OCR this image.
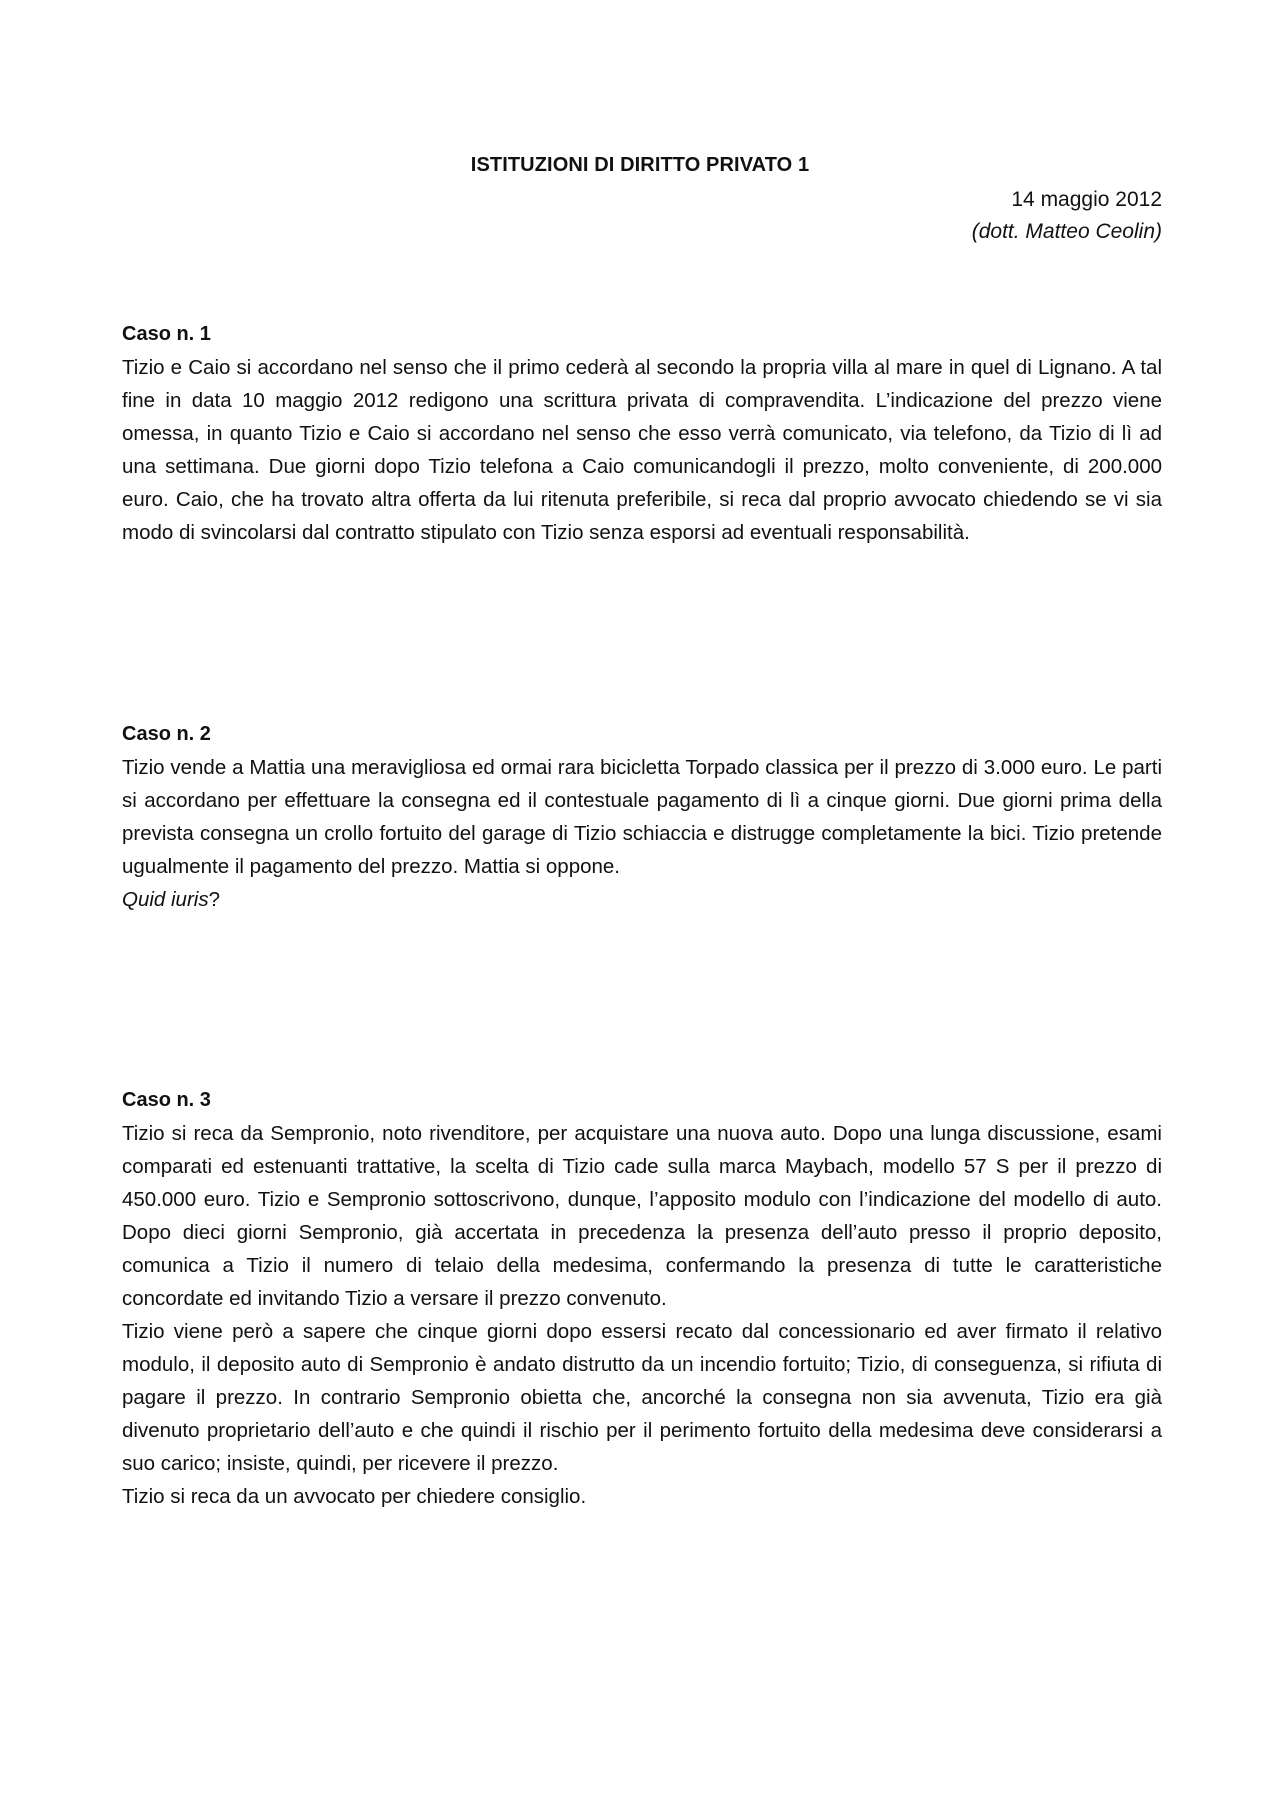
ISTITUZIONI DI DIRITTO PRIVATO 1
14 maggio 2012
(dott. Matteo Ceolin)

Caso n. 1

Tizio e Caio si accordano nel senso che il primo cederà al secondo la propria villa al mare in quel di Lignano. A tal fine in data 10 maggio 2012 redigono una scrittura privata di compravendita. L’indicazione del prezzo viene omessa, in quanto Tizio e Caio si accordano nel senso che esso verrà comunicato, via telefono, da Tizio di lì ad una settimana. Due giorni dopo Tizio telefona a Caio comunicandogli il prezzo, molto conveniente, di 200.000 euro. Caio, che ha trovato altra offerta da lui ritenuta preferibile, si reca dal proprio avvocato chiedendo se vi sia modo di svincolarsi dal contratto stipulato con Tizio senza esporsi ad eventuali responsabilità.

Caso n. 2

Tizio vende a Mattia una meravigliosa ed ormai rara bicicletta Torpado classica per il prezzo di 3.000 euro. Le parti si accordano per effettuare la consegna ed il contestuale pagamento di lì a cinque giorni. Due giorni prima della prevista consegna un crollo fortuito del garage di Tizio schiaccia e distrugge completamente la bici. Tizio pretende ugualmente il pagamento del prezzo. Mattia si oppone.

Quid iuris?

Caso n. 3

Tizio si reca da Sempronio, noto rivenditore, per acquistare una nuova auto. Dopo una lunga discussione, esami comparati ed estenuanti trattative, la scelta di Tizio cade sulla marca Maybach, modello 57 S per il prezzo di 450.000 euro. Tizio e Sempronio sottoscrivono, dunque, l’apposito modulo con l’indicazione del modello di auto. Dopo dieci giorni Sempronio, già accertata in precedenza la presenza dell’auto presso il proprio deposito, comunica a Tizio il numero di telaio della medesima, confermando la presenza di tutte le caratteristiche concordate ed invitando Tizio a versare il prezzo convenuto.

Tizio viene però a sapere che cinque giorni dopo essersi recato dal concessionario ed aver firmato il relativo modulo, il deposito auto di Sempronio è andato distrutto da un incendio fortuito; Tizio, di conseguenza, si rifiuta di pagare il prezzo. In contrario Sempronio obietta che, ancorché la consegna non sia avvenuta, Tizio era già divenuto proprietario dell’auto e che quindi il rischio per il perimento fortuito della medesima deve considerarsi a suo carico; insiste, quindi, per ricevere il prezzo.

Tizio si reca da un avvocato per chiedere consiglio.
